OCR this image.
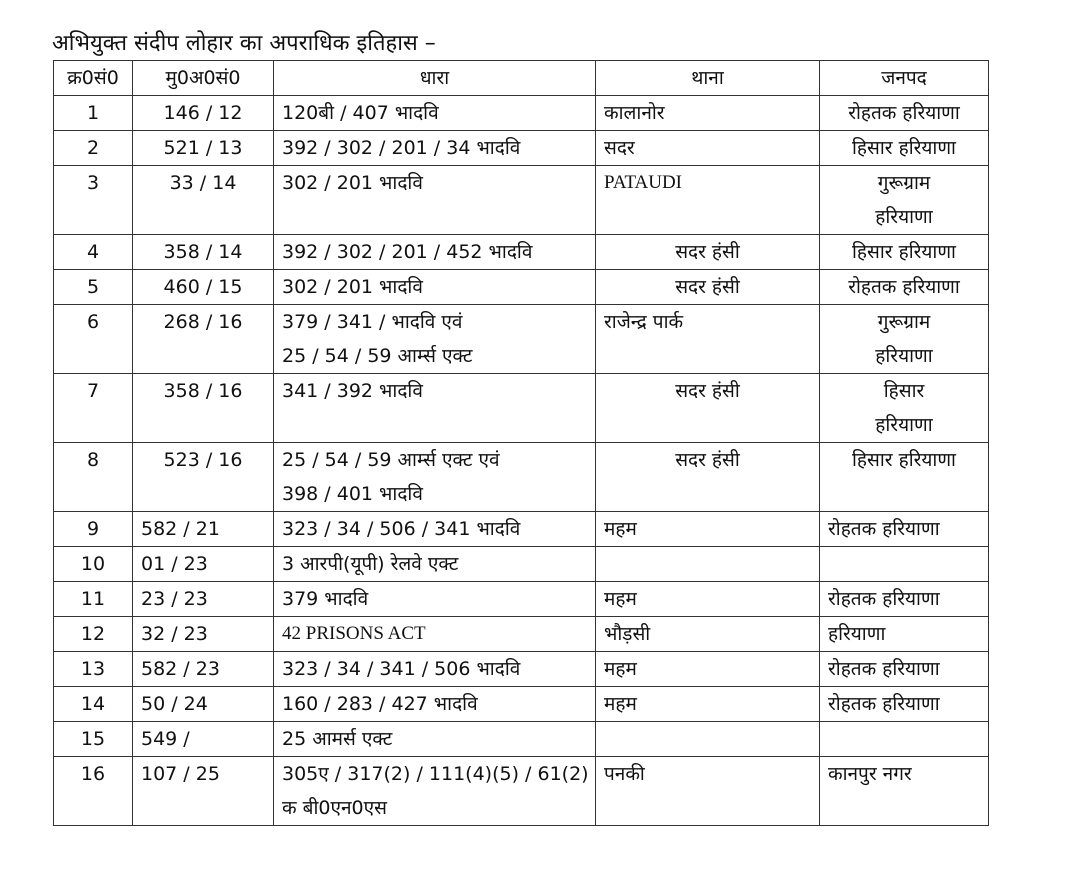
अभियुक्त संदीप लोहार का अपराधिक इतिहास –
क्र0सं0	मु0अ0सं0	धारा	थाना	जनपद
1	146 / 12	120बी / 407 भादवि	कालानोर	रोहतक हरियाणा

2	521 / 13	392 / 302 / 201 / 34 भादवि	सदर	हिसार हरियाणा

3	33 / 14	302 / 201 भादवि	PATAUDI	गुरूग्राम
हरियाणा

4	358 / 14	392 / 302 / 201 / 452 भादवि	सदर हंसी	हिसार हरियाणा

5	460 / 15	302 / 201 भादवि	सदर हंसी	रोहतक हरियाणा

6	268 / 16	379 / 341 / भादवि एवं
25 / 54 / 59 आर्म्स एक्ट	राजेन्द्र पार्क	गुरूग्राम
हरियाणा

7	358 / 16	341 / 392 भादवि	सदर हंसी	हिसार
हरियाणा

8	523 / 16	25 / 54 / 59 आर्म्स एक्ट एवं
398 / 401 भादवि	सदर हंसी	हिसार हरियाणा

9	582 / 21	323 / 34 / 506 / 341 भादवि	महम	रोहतक हरियाणा

10	01 / 23	3 आरपी(यूपी) रेलवे एक्ट		

11	23 / 23	379 भादवि	महम	रोहतक हरियाणा

12	32 / 23	42 PRISONS ACT	भौड़सी	हरियाणा

13	582 / 23	323 / 34 / 341 / 506 भादवि	महम	रोहतक हरियाणा

14	50 / 24	160 / 283 / 427 भादवि	महम	रोहतक हरियाणा

15	549 /	25 आमर्स एक्ट		

16	107 / 25	305ए / 317(2) / 111(4)(5) / 61(2)
क बी0एन0एस	पनकी	कानपुर नगर
